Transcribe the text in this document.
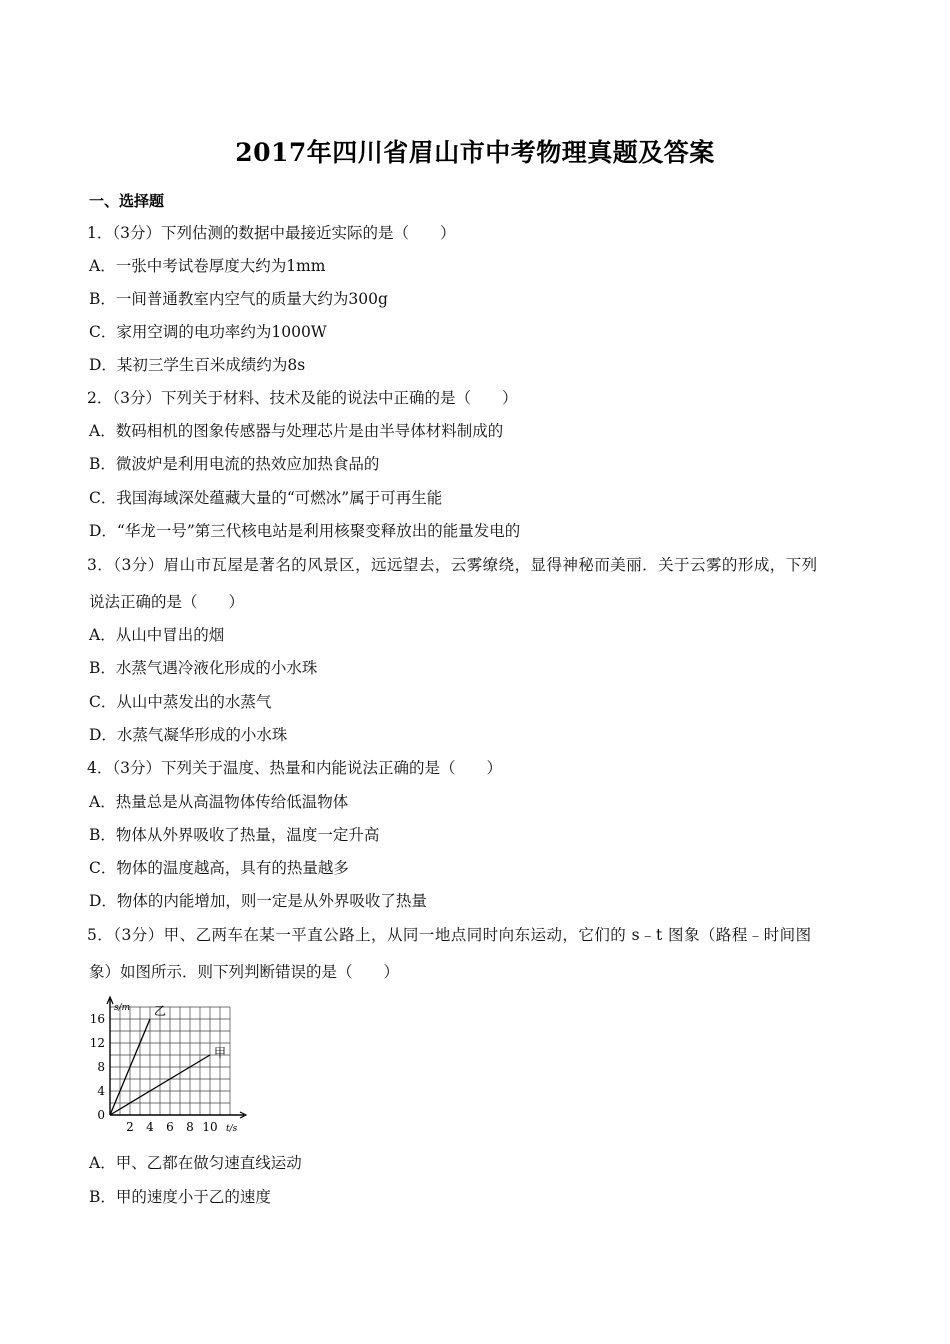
2017年四川省眉山市中考物理真题及答案
一、选择题
1．（3分）下列估测的数据中最接近实际的是（　　）
A．一张中考试卷厚度大约为1mm
B．一间普通教室内空气的质量大约为300g
C．家用空调的电功率约为1000W
D．某初三学生百米成绩约为8s
2．（3分）下列关于材料、技术及能的说法中正确的是（　　）
A．数码相机的图象传感器与处理芯片是由半导体材料制成的
B．微波炉是利用电流的热效应加热食品的
C．我国海域深处蕴藏大量的“可燃冰”属于可再生能
D．“华龙一号”第三代核电站是利用核聚变释放出的能量发电的
3．（3分）眉山市瓦屋是著名的风景区，远远望去，云雾缭绕，显得神秘而美丽．关于云雾的形成，下列
说法正确的是（　　）
A．从山中冒出的烟
B．水蒸气遇冷液化形成的小水珠
C．从山中蒸发出的水蒸气
D．水蒸气凝华形成的小水珠
4．（3分）下列关于温度、热量和内能说法正确的是（　　）
A．热量总是从高温物体传给低温物体
B．物体从外界吸收了热量，温度一定升高
C．物体的温度越高，具有的热量越多
D．物体的内能增加，则一定是从外界吸收了热量
5．（3分）甲、乙两车在某一平直公路上，从同一地点同时向东运动，它们的 s﹣t 图象（路程﹣时间图
象）如图所示．则下列判断错误的是（　　）
2 4 6 8 10
0
4
8
12
16
s/m
t/s
乙
甲
A．甲、乙都在做匀速直线运动
B．甲的速度小于乙的速度
